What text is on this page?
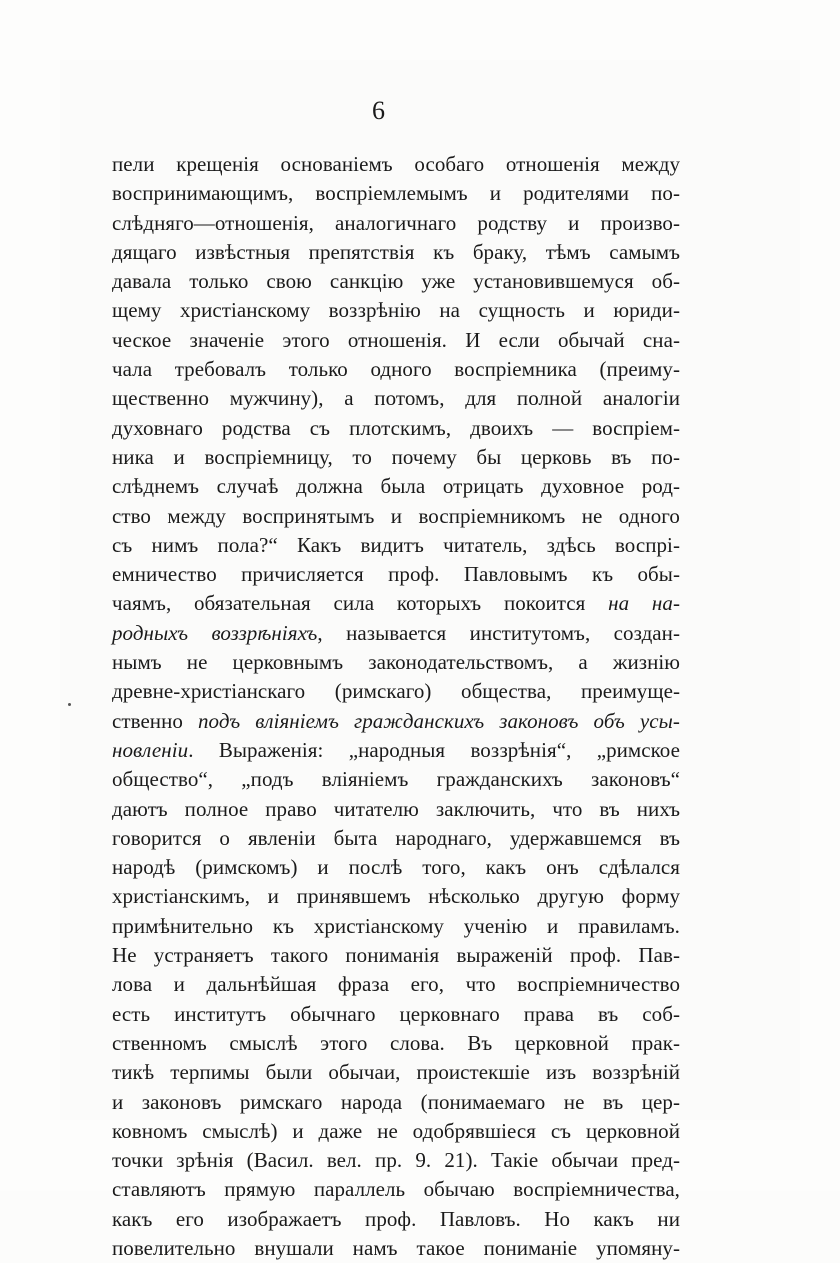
6
пели крещенія основаніемъ особаго отношенія между
воспринимающимъ, воспріемлемымъ и родителями по-
слѣдняго—отношенія, аналогичнаго родству и произво-
дящаго извѣстныя препятствія къ браку, тѣмъ самымъ
давала только свою санкцію уже установившемуся об-
щему христіанскому воззрѣнію на сущность и юриди-
ческое значеніе этого отношенія. И если обычай сна-
чала требовалъ только одного воспріемника (преиму-
щественно мужчину), а потомъ, для полной аналогіи
духовнаго родства съ плотскимъ, двоихъ — воспріем-
ника и воспріемницу, то почему бы церковь въ по-
слѣднемъ случаѣ должна была отрицать духовное род-
ство между воспринятымъ и воспріемникомъ не одного
съ нимъ пола?“ Какъ видитъ читатель, здѣсь воспрі-
емничество причисляется проф. Павловымъ къ обы-
чаямъ, обязательная сила которыхъ покоится на на-
родныхъ воззрѣніяхъ, называется институтомъ, создан-
нымъ не церковнымъ законодательствомъ, а жизнію
древне-христіанскаго (римскаго) общества, преимуще-
ственно подъ вліяніемъ гражданскихъ законовъ объ усы-
новленіи. Выраженія: „народныя воззрѣнія“, „римское
общество“, „подъ вліяніемъ гражданскихъ законовъ“
даютъ полное право читателю заключить, что въ нихъ
говорится о явленіи быта народнаго, удержавшемся въ
народѣ (римскомъ) и послѣ того, какъ онъ сдѣлался
христіанскимъ, и принявшемъ нѣсколько другую форму
примѣнительно къ христіанскому ученію и правиламъ.
Не устраняетъ такого пониманія выраженій проф. Пав-
лова и дальнѣйшая фраза его, что воспріемничество
есть институтъ обычнаго церковнаго права въ соб-
ственномъ смыслѣ этого слова. Въ церковной прак-
тикѣ терпимы были обычаи, проистекшіе изъ воззрѣній
и законовъ римскаго народа (понимаемаго не въ цер-
ковномъ смыслѣ) и даже не одобрявшіеся съ церковной
точки зрѣнія (Васил. вел. пр. 9. 21). Такіе обычаи пред-
ставляютъ прямую параллель обычаю воспріемничества,
какъ его изображаетъ проф. Павловъ. Но какъ ни
повелительно внушали намъ такое пониманіе упомяну-
